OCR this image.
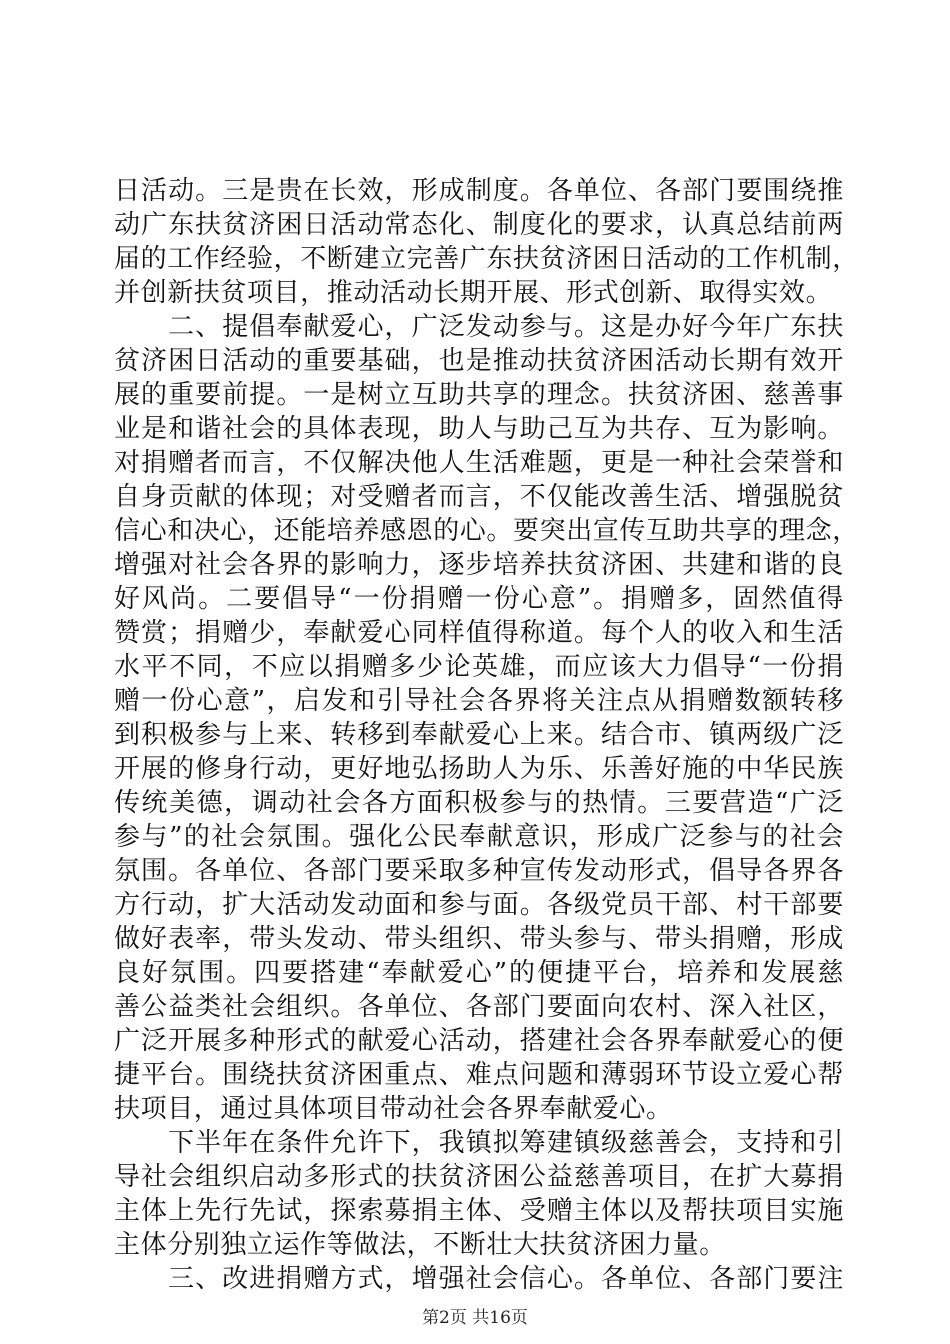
日活动。三是贵在长效，形成制度。各单位、各部门要围绕推
动广东扶贫济困日活动常态化、制度化的要求，认真总结前两
届的工作经验，不断建立完善广东扶贫济困日活动的工作机制，
并创新扶贫项目，推动活动长期开展、形式创新、取得实效。
　　二、提倡奉献爱心，广泛发动参与。这是办好今年广东扶
贫济困日活动的重要基础，也是推动扶贫济困活动长期有效开
展的重要前提。一是树立互助共享的理念。扶贫济困、慈善事
业是和谐社会的具体表现，助人与助己互为共存、互为影响。
对捐赠者而言，不仅解决他人生活难题，更是一种社会荣誉和
自身贡献的体现；对受赠者而言，不仅能改善生活、增强脱贫
信心和决心，还能培养感恩的心。要突出宣传互助共享的理念，
增强对社会各界的影响力，逐步培养扶贫济困、共建和谐的良
好风尚。二要倡导“一份捐赠一份心意”。捐赠多，固然值得
赞赏；捐赠少，奉献爱心同样值得称道。每个人的收入和生活
水平不同，不应以捐赠多少论英雄，而应该大力倡导“一份捐
赠一份心意”，启发和引导社会各界将关注点从捐赠数额转移
到积极参与上来、转移到奉献爱心上来。结合市、镇两级广泛
开展的修身行动，更好地弘扬助人为乐、乐善好施的中华民族
传统美德，调动社会各方面积极参与的热情。三要营造“广泛
参与”的社会氛围。强化公民奉献意识，形成广泛参与的社会
氛围。各单位、各部门要采取多种宣传发动形式，倡导各界各
方行动，扩大活动发动面和参与面。各级党员干部、村干部要
做好表率，带头发动、带头组织、带头参与、带头捐赠，形成
良好氛围。四要搭建“奉献爱心”的便捷平台，培养和发展慈
善公益类社会组织。各单位、各部门要面向农村、深入社区，
广泛开展多种形式的献爱心活动，搭建社会各界奉献爱心的便
捷平台。围绕扶贫济困重点、难点问题和薄弱环节设立爱心帮
扶项目，通过具体项目带动社会各界奉献爱心。
　　下半年在条件允许下，我镇拟筹建镇级慈善会，支持和引
导社会组织启动多形式的扶贫济困公益慈善项目，在扩大募捐
主体上先行先试，探索募捐主体、受赠主体以及帮扶项目实施
主体分别独立运作等做法，不断壮大扶贫济困力量。
　　三、改进捐赠方式，增强社会信心。各单位、各部门要注
第2页 共16页
